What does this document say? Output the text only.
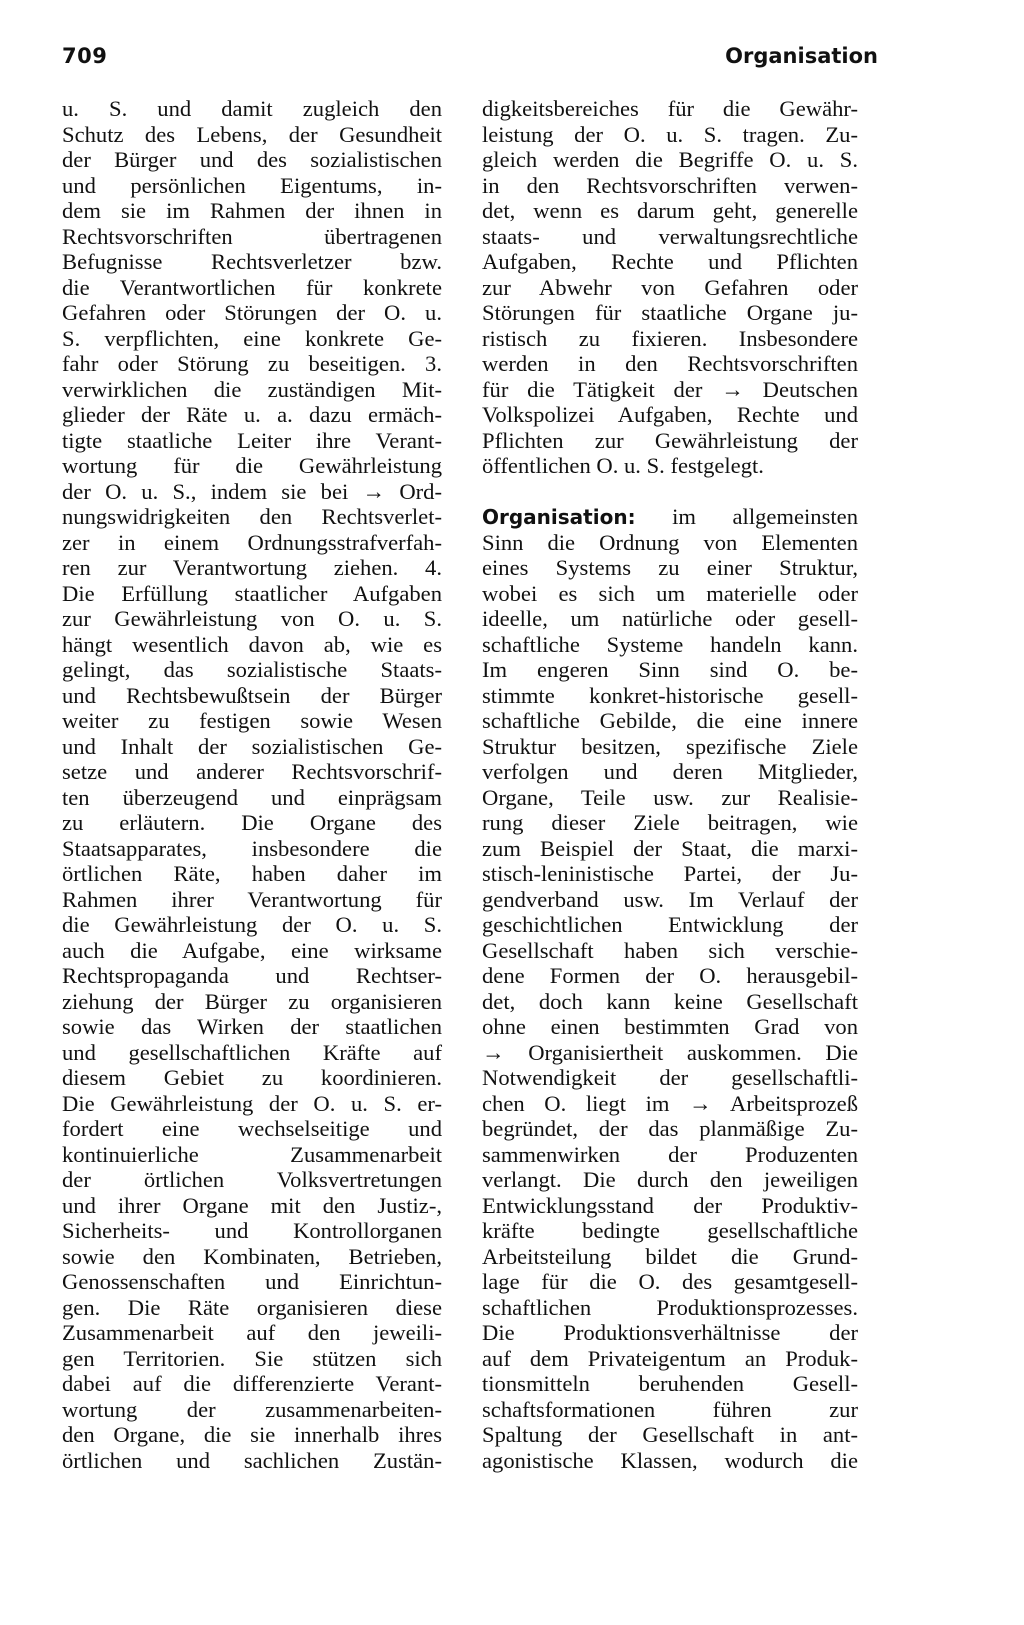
709	Organisation
u. S. und damit zugleich den
Schutz des Lebens, der Gesundheit
der Bürger und des sozialistischen
und persönlichen Eigentums, in-
dem sie im Rahmen der ihnen in
Rechtsvorschriften übertragenen
Befugnisse Rechtsverletzer bzw.
die Verantwortlichen für konkrete
Gefahren oder Störungen der O. u.
S. verpflichten, eine konkrete Ge-
fahr oder Störung zu beseitigen. 3.
verwirklichen die zuständigen Mit-
glieder der Räte u. a. dazu ermäch-
tigte staatliche Leiter ihre Verant-
wortung für die Gewährleistung
der O. u. S., indem sie bei → Ord-
nungswidrigkeiten den Rechtsverlet-
zer in einem Ordnungsstrafverfah-
ren zur Verantwortung ziehen. 4.
Die Erfüllung staatlicher Aufgaben
zur Gewährleistung von O. u. S.
hängt wesentlich davon ab, wie es
gelingt, das sozialistische Staats-
und Rechtsbewußtsein der Bürger
weiter zu festigen sowie Wesen
und Inhalt der sozialistischen Ge-
setze und anderer Rechtsvorschrif-
ten überzeugend und einprägsam
zu erläutern. Die Organe des
Staatsapparates, insbesondere die
örtlichen Räte, haben daher im
Rahmen ihrer Verantwortung für
die Gewährleistung der O. u. S.
auch die Aufgabe, eine wirksame
Rechtspropaganda und Rechtser-
ziehung der Bürger zu organisieren
sowie das Wirken der staatlichen
und gesellschaftlichen Kräfte auf
diesem Gebiet zu koordinieren.
Die Gewährleistung der O. u. S. er-
fordert eine wechselseitige und
kontinuierliche Zusammenarbeit
der örtlichen Volksvertretungen
und ihrer Organe mit den Justiz-,
Sicherheits- und Kontrollorganen
sowie den Kombinaten, Betrieben,
Genossenschaften und Einrichtun-
gen. Die Räte organisieren diese
Zusammenarbeit auf den jeweili-
gen Territorien. Sie stützen sich
dabei auf die differenzierte Verant-
wortung der zusammenarbeiten-
den Organe, die sie innerhalb ihres
örtlichen und sachlichen Zustän-
digkeitsbereiches für die Gewähr-
leistung der O. u. S. tragen. Zu-
gleich werden die Begriffe O. u. S.
in den Rechtsvorschriften verwen-
det, wenn es darum geht, generelle
staats- und verwaltungsrechtliche
Aufgaben, Rechte und Pflichten
zur Abwehr von Gefahren oder
Störungen für staatliche Organe ju-
ristisch zu fixieren. Insbesondere
werden in den Rechtsvorschriften
für die Tätigkeit der → Deutschen
Volkspolizei Aufgaben, Rechte und
Pflichten zur Gewährleistung der
öffentlichen O. u. S. festgelegt.
Organisation: im allgemeinsten
Sinn die Ordnung von Elementen
eines Systems zu einer Struktur,
wobei es sich um materielle oder
ideelle, um natürliche oder gesell-
schaftliche Systeme handeln kann.
Im engeren Sinn sind O. be-
stimmte konkret-historische gesell-
schaftliche Gebilde, die eine innere
Struktur besitzen, spezifische Ziele
verfolgen und deren Mitglieder,
Organe, Teile usw. zur Realisie-
rung dieser Ziele beitragen, wie
zum Beispiel der Staat, die marxi-
stisch-leninistische Partei, der Ju-
gendverband usw. Im Verlauf der
geschichtlichen Entwicklung der
Gesellschaft haben sich verschie-
dene Formen der O. herausgebil-
det, doch kann keine Gesellschaft
ohne einen bestimmten Grad von
→ Organisiertheit auskommen. Die
Notwendigkeit der gesellschaftli-
chen O. liegt im → Arbeitsprozeß
begründet, der das planmäßige Zu-
sammenwirken der Produzenten
verlangt. Die durch den jeweiligen
Entwicklungsstand der Produktiv-
kräfte bedingte gesellschaftliche
Arbeitsteilung bildet die Grund-
lage für die O. des gesamtgesell-
schaftlichen Produktionsprozesses.
Die Produktionsverhältnisse der
auf dem Privateigentum an Produk-
tionsmitteln beruhenden Gesell-
schaftsformationen führen zur
Spaltung der Gesellschaft in ant-
agonistische Klassen, wodurch die
